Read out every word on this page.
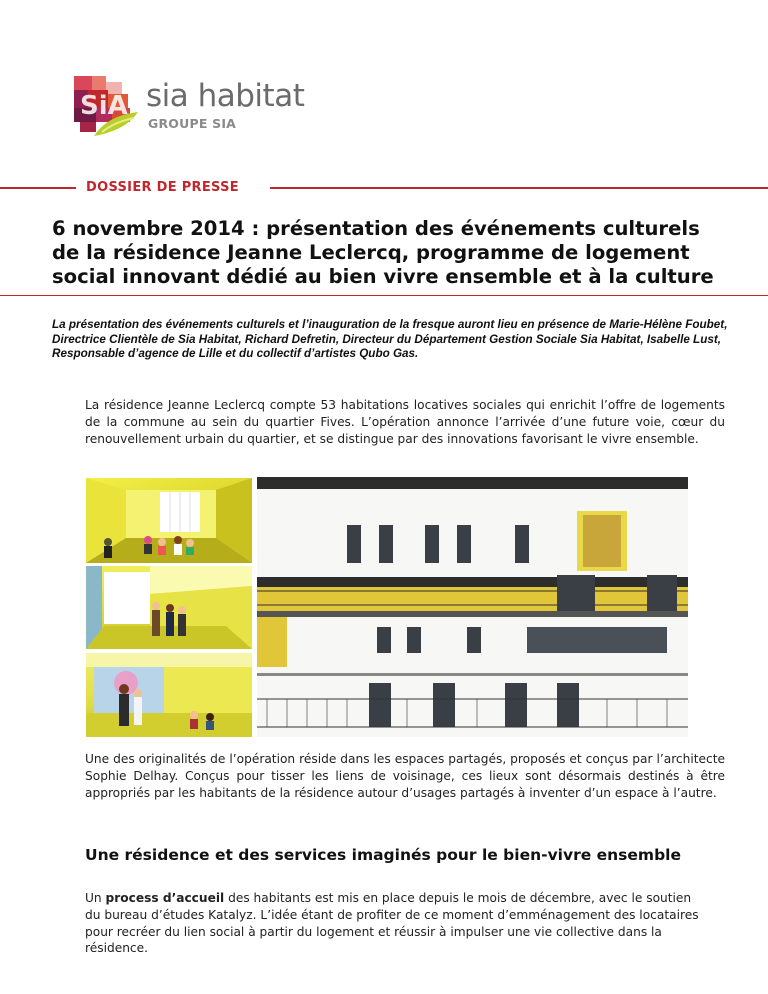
SiA sia habitat
GROUPE SIA
DOSSIER DE PRESSE
6 novembre 2014 : présentation des événements culturels de la résidence Jeanne Leclercq, programme de logement social innovant dédié au bien vivre ensemble et à la culture
La présentation des événements culturels et l’inauguration de la fresque auront lieu en présence de Marie-Hélène Foubet, Directrice Clientèle de Sia Habitat, Richard Defretin, Directeur du Département Gestion Sociale Sia Habitat, Isabelle Lust, Responsable d’agence de Lille et du collectif d’artistes Qubo Gas.
La résidence Jeanne Leclercq compte 53 habitations locatives sociales qui enrichit l’offre de logements de la commune au sein du quartier Fives. L’opération annonce l’arrivée d’une future voie, cœur du renouvellement urbain du quartier, et se distingue par des innovations favorisant le vivre ensemble.
Une des originalités de l’opération réside dans les espaces partagés, proposés et conçus par l’architecte Sophie Delhay. Conçus pour tisser les liens de voisinage, ces lieux sont désormais destinés à être appropriés par les habitants de la résidence autour d’usages partagés à inventer d’un espace à l’autre.
Une résidence et des services imaginés pour le bien-vivre ensemble
Un process d’accueil des habitants est mis en place depuis le mois de décembre, avec le soutien du bureau d’études Katalyz. L’idée étant de profiter de ce moment d’emménagement des locataires pour recréer du lien social à partir du logement et réussir à impulser une vie collective dans la résidence.
